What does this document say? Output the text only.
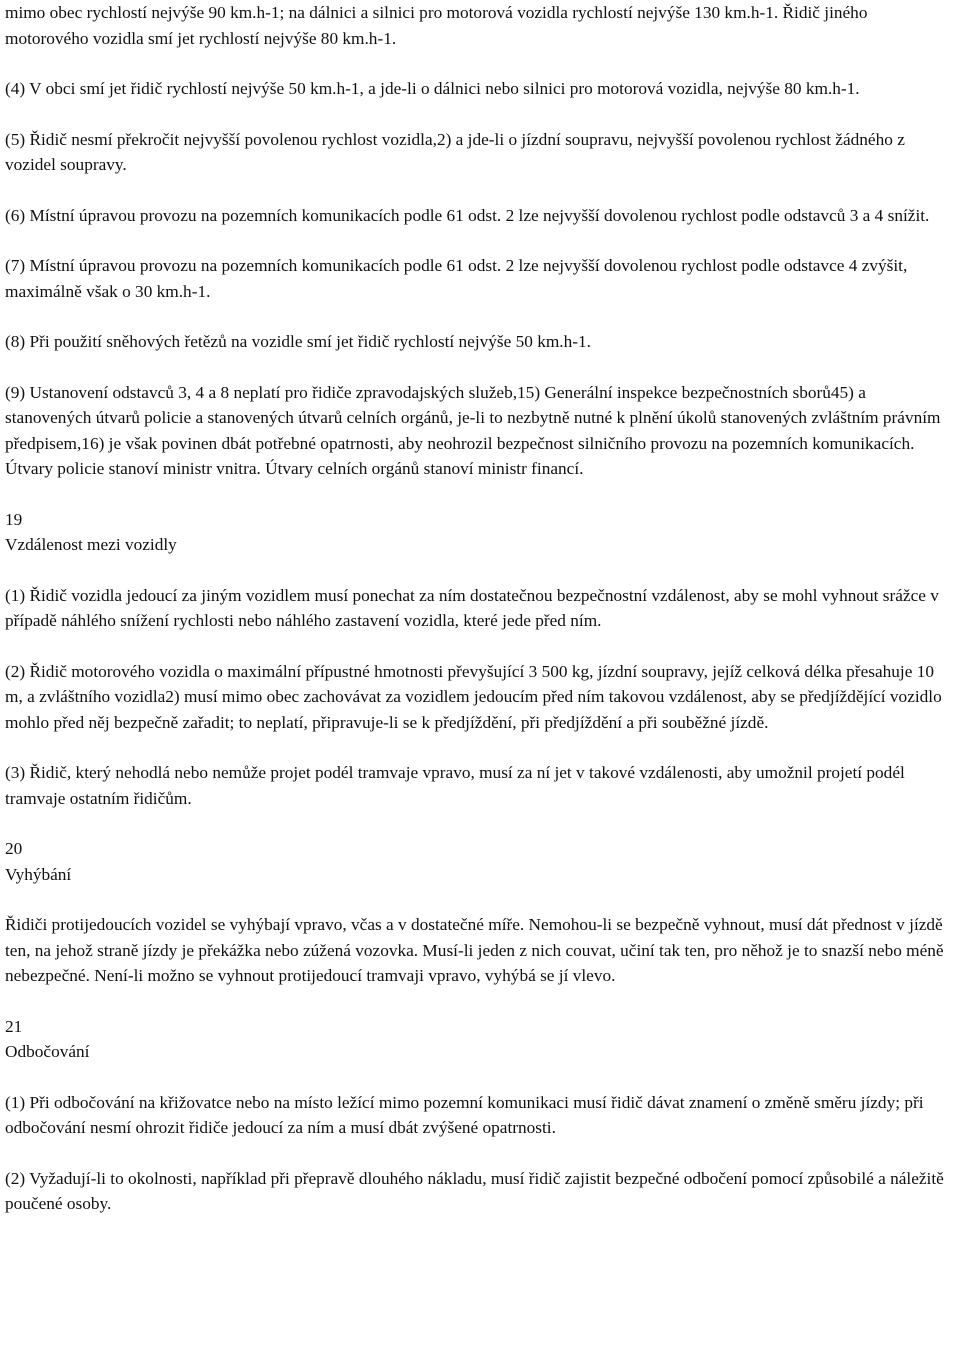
mimo obec rychlostí nejvýše 90 km.h-1; na dálnici a silnici pro motorová vozidla rychlostí nejvýše 130 km.h-1. Řidič jiného motorového vozidla smí jet rychlostí nejvýše 80 km.h-1.

(4) V obci smí jet řidič rychlostí nejvýše 50 km.h-1, a jde-li o dálnici nebo silnici pro motorová vozidla, nejvýše 80 km.h-1.

(5) Řidič nesmí překročit nejvyšší povolenou rychlost vozidla,2) a jde-li o jízdní soupravu, nejvyšší povolenou rychlost žádného z vozidel soupravy.

(6) Místní úpravou provozu na pozemních komunikacích podle 61 odst. 2 lze nejvyšší dovolenou rychlost podle odstavců 3 a 4 snížit.

(7) Místní úpravou provozu na pozemních komunikacích podle 61 odst. 2 lze nejvyšší dovolenou rychlost podle odstavce 4 zvýšit, maximálně však o 30 km.h-1.

(8) Při použití sněhových řetězů na vozidle smí jet řidič rychlostí nejvýše 50 km.h-1.

(9) Ustanovení odstavců 3, 4 a 8 neplatí pro řidiče zpravodajských služeb,15) Generální inspekce bezpečnostních sborů45) a stanovených útvarů policie a stanovených útvarů celních orgánů, je-li to nezbytně nutné k plnění úkolů stanovených zvláštním právním předpisem,16) je však povinen dbát potřebné opatrnosti, aby neohrozil bezpečnost silničního provozu na pozemních komunikacích. Útvary policie stanoví ministr vnitra. Útvary celních orgánů stanoví ministr financí.

19
Vzdálenost mezi vozidly

(1) Řidič vozidla jedoucí za jiným vozidlem musí ponechat za ním dostatečnou bezpečnostní vzdálenost, aby se mohl vyhnout srážce v případě náhlého snížení rychlosti nebo náhlého zastavení vozidla, které jede před ním.

(2) Řidič motorového vozidla o maximální přípustné hmotnosti převyšující 3 500 kg, jízdní soupravy, jejíž celková délka přesahuje 10 m, a zvláštního vozidla2) musí mimo obec zachovávat za vozidlem jedoucím před ním takovou vzdálenost, aby se předjíždějící vozidlo mohlo před něj bezpečně zařadit; to neplatí, připravuje-li se k předjíždění, při předjíždění a při souběžné jízdě.

(3) Řidič, který nehodlá nebo nemůže projet podél tramvaje vpravo, musí za ní jet v takové vzdálenosti, aby umožnil projetí podél tramvaje ostatním řidičům.

20
Vyhýbání

Řidiči protijedoucích vozidel se vyhýbají vpravo, včas a v dostatečné míře. Nemohou-li se bezpečně vyhnout, musí dát přednost v jízdě ten, na jehož straně jízdy je překážka nebo zúžená vozovka. Musí-li jeden z nich couvat, učiní tak ten, pro něhož je to snazší nebo méně nebezpečné. Není-li možno se vyhnout protijedoucí tramvaji vpravo, vyhýbá se jí vlevo.

21
Odbočování

(1) Při odbočování na křižovatce nebo na místo ležící mimo pozemní komunikaci musí řidič dávat znamení o změně směru jízdy; při odbočování nesmí ohrozit řidiče jedoucí za ním a musí dbát zvýšené opatrnosti.

(2) Vyžadují-li to okolnosti, například při přepravě dlouhého nákladu, musí řidič zajistit bezpečné odbočení pomocí způsobilé a náležitě poučené osoby.
